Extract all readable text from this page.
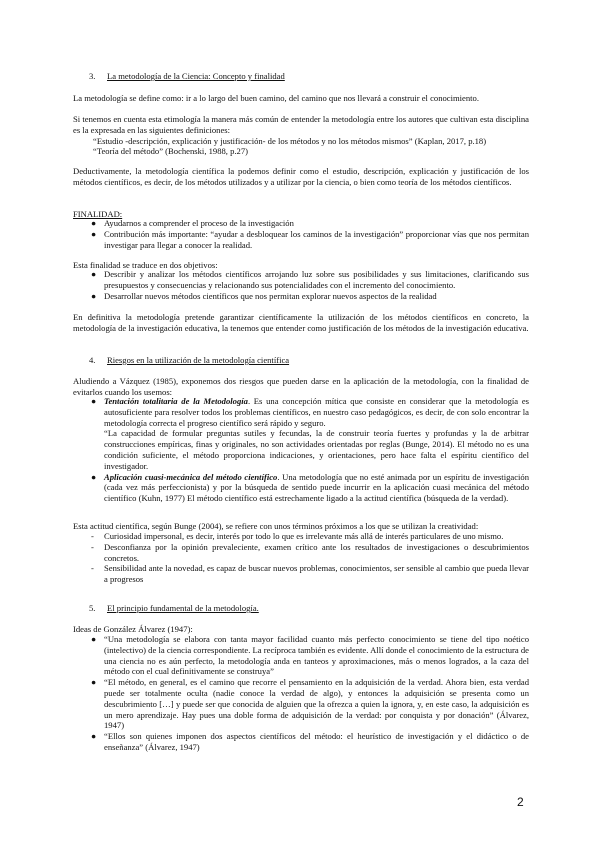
3. La metodología de la Ciencia: Concepto y finalidad
La metodología se define como: ir a lo largo del buen camino, del camino que nos llevará a construir el conocimiento.
Si tenemos en cuenta esta etimología la manera más común de entender la metodología entre los autores que cultivan esta disciplina es la expresada en las siguientes definiciones:
“Estudio -descripción, explicación y justificación- de los métodos y no los métodos mismos” (Kaplan, 2017, p.18)
“Teoría del método” (Bochenski, 1988, p.27)
Deductivamente, la metodología científica la podemos definir como el estudio, descripción, explicación y justificación de los métodos científicos, es decir, de los métodos utilizados y a utilizar por la ciencia, o bien como teoría de los métodos científicos.
FINALIDAD:
● Ayudarnos a comprender el proceso de la investigación
● Contribución más importante: “ayudar a desbloquear los caminos de la investigación” proporcionar vías que nos permitan investigar para llegar a conocer la realidad.
Esta finalidad se traduce en dos objetivos:
● Describir y analizar los métodos científicos arrojando luz sobre sus posibilidades y sus limitaciones, clarificando sus presupuestos y consecuencias y relacionando sus potencialidades con el incremento del conocimiento.
● Desarrollar nuevos métodos científicos que nos permitan explorar nuevos aspectos de la realidad
En definitiva la metodología pretende garantizar científicamente la utilización de los métodos científicos en concreto, la metodología de la investigación educativa, la tenemos que entender como justificación de los métodos de la investigación educativa.
4. Riesgos en la utilización de la metodología científica
Aludiendo a Vázquez (1985), exponemos dos riesgos que pueden darse en la aplicación de la metodología, con la finalidad de evitarlos cuando los usemos:
● Tentación totalitaria de la Metodología. Es una concepción mítica que consiste en considerar que la metodología es autosuficiente para resolver todos los problemas científicos, en nuestro caso pedagógicos, es decir, de con solo encontrar la metodología correcta el progreso científico será rápido y seguro.
“La capacidad de formular preguntas sutiles y fecundas, la de construir teoría fuertes y profundas y la de arbitrar construcciones empíricas, finas y originales, no son actividades orientadas por reglas (Bunge, 2014). El método no es una condición suficiente, el método proporciona indicaciones, y orientaciones, pero hace falta el espíritu científico del investigador.
● Aplicación cuasi-mecánica del método científico. Una metodología que no esté animada por un espíritu de investigación (cada vez más perfeccionista) y por la búsqueda de sentido puede incurrir en la aplicación cuasi mecánica del método científico (Kuhn, 1977) El método científico está estrechamente ligado a la actitud científica (búsqueda de la verdad).
Esta actitud científica, según Bunge (2004), se refiere con unos términos próximos a los que se utilizan la creatividad:
- Curiosidad impersonal, es decir, interés por todo lo que es irrelevante más allá de interés particulares de uno mismo.
- Desconfianza por la opinión prevaleciente, examen crítico ante los resultados de investigaciones o descubrimientos concretos.
- Sensibilidad ante la novedad, es capaz de buscar nuevos problemas, conocimientos, ser sensible al cambio que pueda llevar a progresos
5. El principio fundamental de la metodología.
Ideas de González Álvarez (1947):
● “Una metodología se elabora con tanta mayor facilidad cuanto más perfecto conocimiento se tiene del tipo noético (intelectivo) de la ciencia correspondiente. La recíproca también es evidente. Allí donde el conocimiento de la estructura de una ciencia no es aún perfecto, la metodología anda en tanteos y aproximaciones, más o menos logrados, a la caza del método con el cual definitivamente se construya”
● “El método, en general, es el camino que recorre el pensamiento en la adquisición de la verdad. Ahora bien, esta verdad puede ser totalmente oculta (nadie conoce la verdad de algo), y entonces la adquisición se presenta como un descubrimiento […] y puede ser que conocida de alguien que la ofrezca a quien la ignora, y, en este caso, la adquisición es un mero aprendizaje. Hay pues una doble forma de adquisición de la verdad: por conquista y por donación” (Álvarez, 1947)
● “Ellos son quienes imponen dos aspectos científicos del método: el heurístico de investigación y el didáctico o de enseñanza” (Álvarez, 1947)
2
